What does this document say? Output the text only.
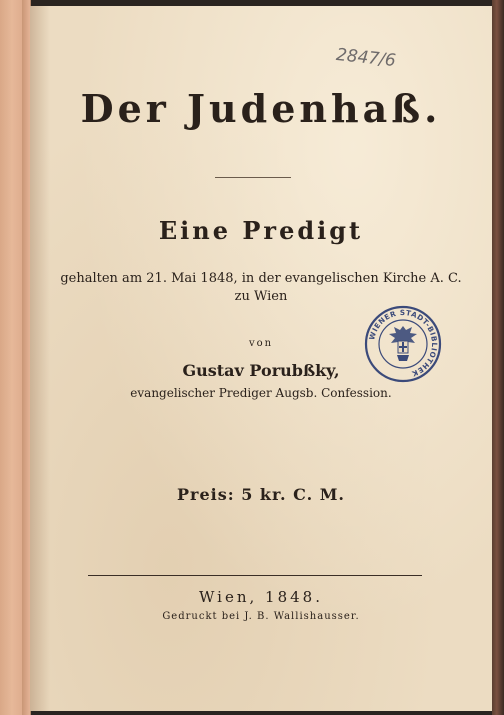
2847/6
Der Judenhaß.
Eine Predigt
gehalten am 21. Mai 1848, in der evangelischen Kirche A. C.
zu Wien
von
Gustav Porubßky,
evangelischer Prediger Augsb. Confession.
Preis: 5 kr. C. M.
Wien, 1848.
Gedruckt bei J. B. Wallishausser.
WIENER STADT-BIBLIOTHEK
